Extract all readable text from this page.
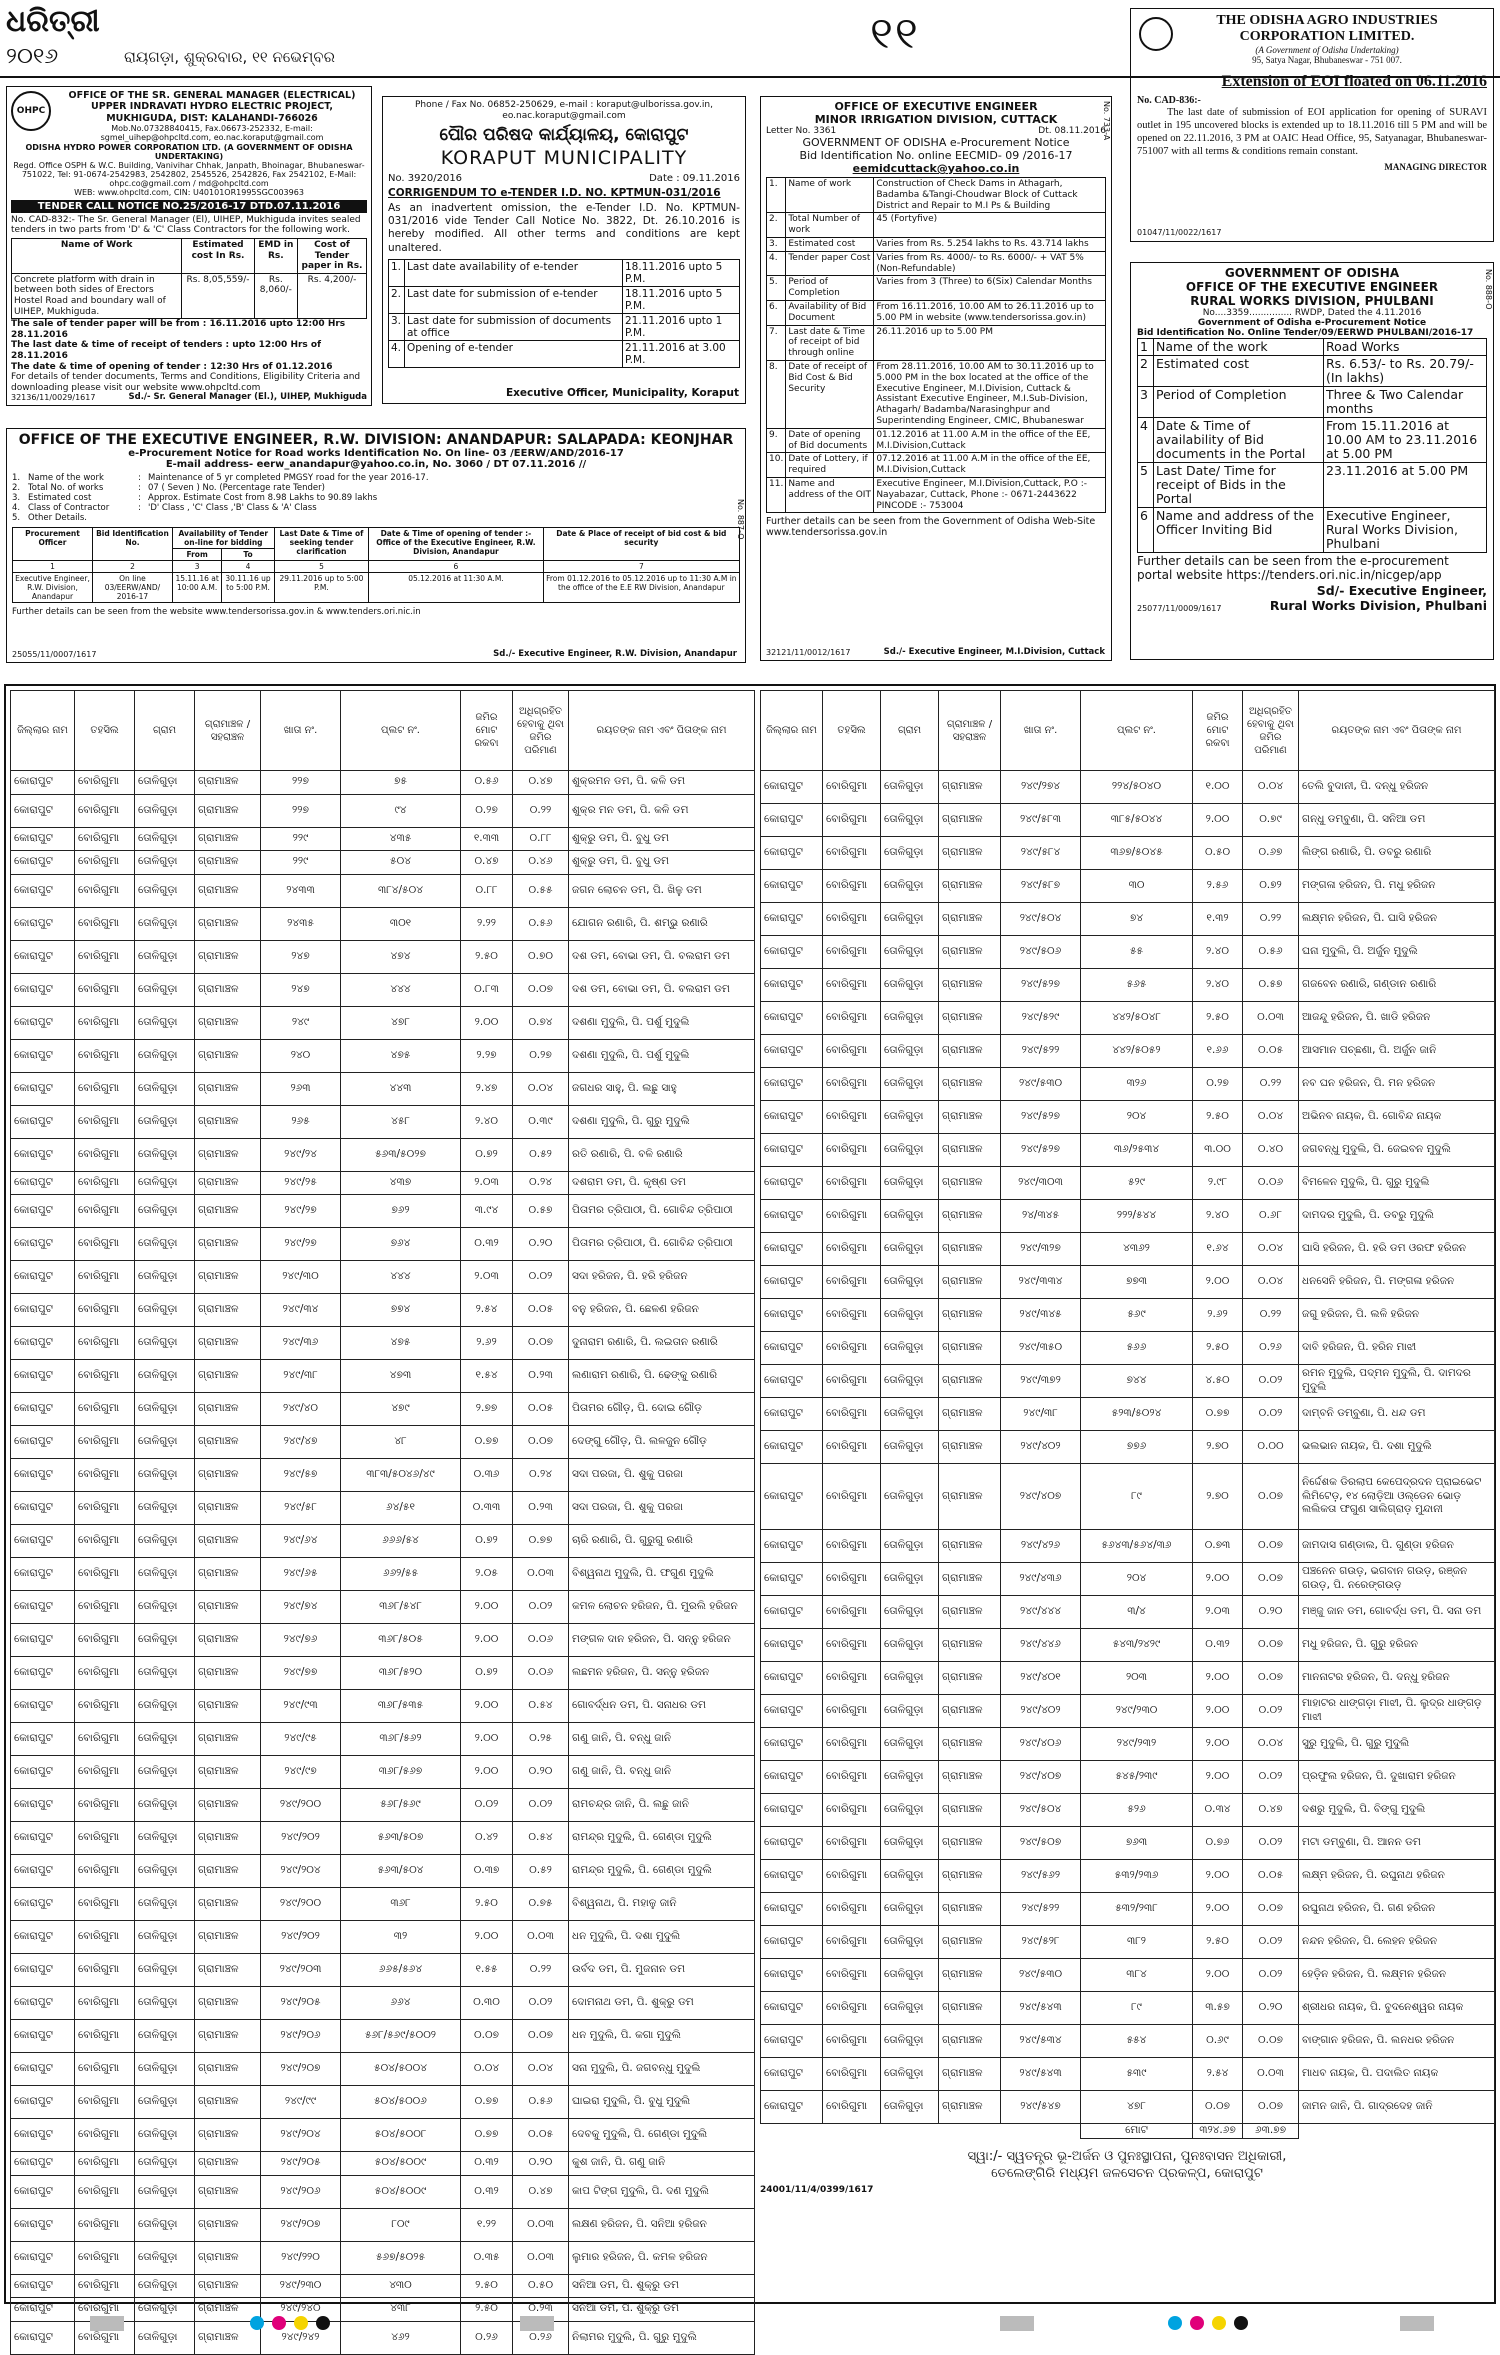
ଧରିତ୍ରୀ
୨୦୧୬	ରାୟଗଡ଼ା, ଶୁକ୍ରବାର, ୧୧ ନଭେମ୍ବର	୧୧
OHPC
OFFICE OF THE SR. GENERAL MANAGER (ELECTRICAL)
UPPER INDRAVATI HYDRO ELECTRIC PROJECT,
MUKHIGUDA, DIST: KALAHANDI-766026
Mob.No.07328840415, Fax.06673-252332, E-mail: sgmel_uihep@ohpcltd.com, eo.nac.koraput@gmail.com
ODISHA HYDRO POWER CORPORATION LTD. (A GOVERNMENT OF ODISHA UNDERTAKING)
Regd. Office OSPH & W.C. Building, Vanivihar Chhak, Janpath, Bhoinagar, Bhubaneswar-751022, Tel: 91-0674-2542983, 2542802, 2545526, 2542826, Fax 2542102, E-Mail: ohpc.co@gmail.com / md@ohpcltd.com
WEB: www.ohpcltd.com, CIN: U40101OR1995SGC003963
TENDER CALL NOTICE NO.25/2016-17 DTD.07.11.2016
No. CAD-832:- The Sr. General Manager (El), UIHEP, Mukhiguda invites sealed tenders in two parts from 'D' & 'C' Class Contractors for the following work.
Name of Work	Estimated cost In Rs.	EMD in Rs.	Cost of Tender paper in Rs.
Concrete platform with drain in between both sides of Erectors Hostel Road and boundary wall of UIHEP, Mukhiguda.	Rs. 8,05,559/-	Rs. 8,060/-	Rs. 4,200/-
The sale of tender paper will be from : 16.11.2016 upto 12:00 Hrs 28.11.2016
The last date & time of receipt of tenders : upto 12:00 Hrs of 28.11.2016
The date & time of opening of tender : 12:30 Hrs of 01.12.2016
For details of tender documents, Terms and Conditions, Eligibility Criteria and downloading please visit our website www.ohpcltd.com
32136/11/0029/1617	Sd./- Sr. General Manager (El.), UIHEP, Mukhiguda
Phone / Fax No. 06852-250629, e-mail : koraput@ulborissa.gov.in, eo.nac.koraput@gmail.com
ପୌର ପରିଷଦ କାର୍ଯ୍ୟାଳୟ, କୋରାପୁଟ
KORAPUT MUNICIPALITY
No. 3920/2016	Date : 09.11.2016
CORRIGENDUM TO e-TENDER I.D. NO. KPTMUN-031/2016
As an inadvertent omission, the e-Tender I.D. No. KPTMUN-031/2016 vide Tender Call Notice No. 3822, Dt. 26.10.2016 is hereby modified. All other terms and conditions are kept unaltered.
1.	Last date availability of e-tender	18.11.2016 upto 5 P.M.
2.	Last date for submission of e-tender	18.11.2016 upto 5 P.M.
3.	Last date for submission of documents at office	21.11.2016 upto 1 P.M.
4.	Opening of e-tender	21.11.2016 at 3.00 P.M.
Executive Officer, Municipality, Koraput
OFFICE OF THE EXECUTIVE ENGINEER, R.W. DIVISION: ANANDAPUR: SALAPADA: KEONJHAR
e-Procurement Notice for Road works Identification No. On line- 03 /EERW/AND/2016-17
E-mail address- eerw_anandapur@yahoo.co.in, No. 3060 / DT 07.11.2016 //
1.	Name of the work	:	Maintenance of 5 yr completed PMGSY road for the year 2016-17.
2.	Total No. of works	:	07 ( Seven ) No. (Percentage rate Tender)
3.	Estimated cost	:	Approx. Estimate Cost from 8.98 Lakhs to 90.89 lakhs
4.	Class of Contractor	:	'D' Class , 'C' Class ,'B' Class & 'A' Class
5.	Other Details.		
Procurement Officer	Bid Identification No.	Availability of Tender on-line for bidding		Last Date & Time of seeking tender clarification	Date & Time of opening of tender :- Office of the Executive Engineer, R.W. Division, Anandapur	Date & Place of receipt of bid cost & bid security
		From	To			
1	2	3	4	5	6	7
Executive Engineer, R.W. Division, Anandapur	On line 03/EERW/AND/ 2016-17	15.11.16 at 10:00 A.M.	30.11.16 up to 5:00 P.M.	29.11.2016 up to 5:00 P.M.	05.12.2016 at 11:30 A.M.	From 01.12.2016 to 05.12.2016 up to 11:30 A.M in the office of the E.E RW Division, Anandapur
Further details can be seen from the website www.tendersorissa.gov.in & www.tenders.ori.nic.in
25055/11/0007/1617	Sd./- Executive Engineer, R.W. Division, Anandapur
No. 887-O
OFFICE OF EXECUTIVE ENGINEER
MINOR IRRIGATION DIVISION, CUTTACK
Letter No. 3361	Dt. 08.11.2016
GOVERNMENT OF ODISHA e-Procurement Notice
Bid Identification No. online EECMID- 09 /2016-17
eemidcuttack@yahoo.co.in
1.	Name of work	Construction of Check Dams in Athagarh, Badamba &Tangi-Choudwar Block of Cuttack District and Repair to M.I Ps & Building
2.	Total Number of work	45 (Fortyfive)
3.	Estimated cost	Varies from Rs. 5.254 lakhs to Rs. 43.714 lakhs
4.	Tender paper Cost	Varies from Rs. 4000/- to Rs. 6000/- + VAT 5% (Non-Refundable)
5.	Period of Completion	Varies from 3 (Three) to 6(Six) Calendar Months
6.	Availability of Bid Document	From 16.11.2016, 10.00 AM to 26.11.2016 up to 5.00 PM in website (www.tendersorissa.gov.in)
7.	Last date & Time of receipt of bid through online	26.11.2016 up to 5.00 PM
8.	Date of receipt of Bid Cost & Bid Security	From 28.11.2016, 10.00 AM to 30.11.2016 up to 5.000 PM in the box located at the office of the Executive Engineer, M.I.Division, Cuttack & Assistant Executive Engineer, M.I.Sub-Division, Athagarh/ Badamba/Narasinghpur and Superintending Engineer, CMIC, Bhubaneswar
9.	Date of opening of Bid documents	01.12.2016 at 11.00 A.M in the office of the EE, M.I.Division,Cuttack
10.	Date of Lottery, if required	07.12.2016 at 11.00 A.M in the office of the EE, M.I.Division,Cuttack
11.	Name and address of the OIT	Executive Engineer, M.I.Division,Cuttack, P.O :- Nayabazar, Cuttack, Phone :- 0671-2443622 PINCODE :- 753004
Further details can be seen from the Government of Odisha Web-Site www.tendersorissa.gov.in
32121/11/0012/1617	Sd./- Executive Engineer, M.I.Division, Cuttack
No. 733-A
THE ODISHA AGRO INDUSTRIES
CORPORATION LIMITED.
(A Government of Odisha Undertaking)
95, Satya Nagar, Bhubaneswar - 751 007.
Extension of EOI floated on 06.11.2016
No. CAD-836:-
The last date of submission of EOI application for opening of SURAVI outlet in 195 uncovered blocks is extended up to 18.11.2016 till 5 PM and will be opened on 22.11.2016, 3 PM at OAIC Head Office, 95, Satyanagar, Bhubaneswar-751007 with all terms & conditions remain constant.
MANAGING DIRECTOR
01047/11/0022/1617
GOVERNMENT OF ODISHA
OFFICE OF THE EXECUTIVE ENGINEER
RURAL WORKS DIVISION, PHULBANI
No....3359............... RWDP, Dated the 4.11.2016
Government of Odisha e-Procurement Notice
Bid Identification No. Online Tender/09/EERWD PHULBANI/2016-17
1	Name of the work	Road Works
2	Estimated cost	Rs. 6.53/- to Rs. 20.79/-(In lakhs)
3	Period of Completion	Three & Two Calendar months
4	Date & Time of availability of Bid documents in the Portal	From 15.11.2016 at 10.00 AM to 23.11.2016 at 5.00 PM
5	Last Date/ Time for receipt of Bids in the Portal	23.11.2016 at 5.00 PM
6	Name and address of the Officer Inviting Bid	Executive Engineer, Rural Works Division, Phulbani
Further details can be seen from the e-procurement portal website https://tenders.ori.nic.in/nicgep/app
Sd/- Executive Engineer,
25077/11/0009/1617	Rural Works Division, Phulbani
No. 888-O
ଜିଲ୍ଲାର ନାମ	ତହସିଲ	ଗ୍ରାମ	ଗ୍ରାମାଞ୍ଚଳ / ସହରାଞ୍ଚଳ	ଖାତା ନଂ.	ପ୍ଲଟ ନଂ.	ଜମିର ମୋଟ ରକବା	ଅଧିଗ୍ରହିତ ହେବାକୁ ଥିବା ଜମିର ପରିମାଣ	ରୟତଙ୍କ ନାମ ଏବଂ ପିତାଙ୍କ ନାମ
କୋରାପୁଟ	ବୋରିଗୁମା	ତୋଳିଗୁଡ଼ା	ଗ୍ରାମାଞ୍ଚଳ	୨୨୭	୭୫	୦.୫୬	୦.୪୭	ଶୁକ୍ରମନ ଡମ, ପି. କଳି ଡମ
କୋରାପୁଟ	ବୋରିଗୁମା	ତୋଳିଗୁଡ଼ା	ଗ୍ରାମାଞ୍ଚଳ	୨୨୭	୯୪	୦.୨୭	୦.୨୨	ଶୁକ୍ର ମନ ଡମ, ପି. କଳି ଡମ
କୋରାପୁଟ	ବୋରିଗୁମା	ତୋଳିଗୁଡ଼ା	ଗ୍ରାମାଞ୍ଚଳ	୨୨୯	୪୩୫	୧.୩୩	୦.୮୮	ଶୁକ୍ରୁ ଡମ, ପି. ବୁଧୁ ଡମ
କୋରାପୁଟ	ବୋରିଗୁମା	ତୋଳିଗୁଡ଼ା	ଗ୍ରାମାଞ୍ଚଳ	୨୨୯	୫୦୪	୦.୪୭	୦.୪୬	ଶୁକ୍ରୁ ଡମ, ପି. ବୁଧୁ ଡମ
କୋରାପୁଟ	ବୋରିଗୁମା	ତୋଳିଗୁଡ଼ା	ଗ୍ରାମାଞ୍ଚଳ	୨୪୩୩	୩୮୪/୫୦୪	୦.୮୮	୦.୫୫	ଜଗନ ଲୋଚନ ଡମ, ପି. ଖିଳୁ ଡମ
କୋରାପୁଟ	ବୋରିଗୁମା	ତୋଳିଗୁଡ଼ା	ଗ୍ରାମାଞ୍ଚଳ	୨୪୩୫	୩୦୧	୨.୨୨	୦.୫୬	ଯୋଗନ ରଣାରି, ପି. ଶମ୍ଭୁ ରଣାରି
କୋରାପୁଟ	ବୋରିଗୁମା	ତୋଳିଗୁଡ଼ା	ଗ୍ରାମାଞ୍ଚଳ	୨୪୭	୪୭୪	୨.୫୦	୦.୭୦	ଦଶ ଡମ, ବୋଭା ଡମ, ପି. ବଲରାମ ଡମ
କୋରାପୁଟ	ବୋରିଗୁମା	ତୋଳିଗୁଡ଼ା	ଗ୍ରାମାଞ୍ଚଳ	୨୪୭	୪୪୪	୦.୮୩	୦.୦୭	ଦଶ ଡମ, ବୋଭା ଡମ, ପି. ବଲରାମ ଡମ
କୋରାପୁଟ	ବୋରିଗୁମା	ତୋଳିଗୁଡ଼ା	ଗ୍ରାମାଞ୍ଚଳ	୨୪୯	୪୭୮	୨.୦୦	୦.୭୪	ଦଶଣା ମୁଦୁଲି, ପି. ପର୍ଶୁ ମୁଦୁଲି
କୋରାପୁଟ	ବୋରିଗୁମା	ତୋଳିଗୁଡ଼ା	ଗ୍ରାମାଞ୍ଚଳ	୨୪୦	୪୭୫	୨.୨୭	୦.୨୭	ଦଶଣା ମୁଦୁଲି, ପି. ପର୍ଶୁ ମୁଦୁଲି
କୋରାପୁଟ	ବୋରିଗୁମା	ତୋଳିଗୁଡ଼ା	ଗ୍ରାମାଞ୍ଚଳ	୨୬୩	୪୪୩	୨.୪୭	୦.୦୪	ଜଗଧର ସାହୁ, ପି. ଲଛୁ ସାହୁ
କୋରାପୁଟ	ବୋରିଗୁମା	ତୋଳିଗୁଡ଼ା	ଗ୍ରାମାଞ୍ଚଳ	୨୬୫	୪୫୮	୨.୪୦	୦.୩୯	ଦଶଣା ମୁଦୁଲି, ପି. ଗୁରୁ ମୁଦୁଲି
କୋରାପୁଟ	ବୋରିଗୁମା	ତୋଳିଗୁଡ଼ା	ଗ୍ରାମାଞ୍ଚଳ	୨୪୯/୨୪	୫୬୩/୫୦୨୭	୦.୭୨	୦.୫୨	ରତି ରଣାରି, ପି. ବଳି ରଣାରି
କୋରାପୁଟ	ବୋରିଗୁମା	ତୋଳିଗୁଡ଼ା	ଗ୍ରାମାଞ୍ଚଳ	୨୪୯/୨୫	୪୩୭	୨.୦୩	୦.୨୪	ଦଶରାମ ଡମ, ପି. କୃଷ୍ଣ ଡମ
କୋରାପୁଟ	ବୋରିଗୁମା	ତୋଳିଗୁଡ଼ା	ଗ୍ରାମାଞ୍ଚଳ	୨୪୯/୨୭	୭୬୨	୩.୯୪	୦.୫୭	ପିତାମର ତ୍ରିପାଠୀ, ପି. ଗୋବିନ୍ଦ ତ୍ରିପାଠୀ
କୋରାପୁଟ	ବୋରିଗୁମା	ତୋଳିଗୁଡ଼ା	ଗ୍ରାମାଞ୍ଚଳ	୨୪୯/୨୭	୭୬୪	୦.୩୨	୦.୨୦	ପିତାମର ତ୍ରିପାଠୀ, ପି. ଗୋବିନ୍ଦ ତ୍ରିପାଠୀ
କୋରାପୁଟ	ବୋରିଗୁମା	ତୋଳିଗୁଡ଼ା	ଗ୍ରାମାଞ୍ଚଳ	୨୪୯/୩୦	୪୪୪	୨.୦୩	୦.୦୨	ସଦା ହରିଜନ, ପି. ହରି ହରିଜନ
କୋରାପୁଟ	ବୋରିଗୁମା	ତୋଳିଗୁଡ଼ା	ଗ୍ରାମାଞ୍ଚଳ	୨୪୯/୩୪	୭୭୪	୨.୫୪	୦.୦୫	ବନୁ ହରିଜନ, ପି. ଛେଳଣ ହରିଜନ
କୋରାପୁଟ	ବୋରିଗୁମା	ତୋଳିଗୁଡ଼ା	ଗ୍ରାମାଞ୍ଚଳ	୨୪୯/୩୬	୪୭୫	୨.୬୨	୦.୦୭	ଦୁନାରାମ ରଣାରି, ପି. ଲଇତାନ ରଣାରି
କୋରାପୁଟ	ବୋରିଗୁମା	ତୋଳିଗୁଡ଼ା	ଗ୍ରାମାଞ୍ଚଳ	୨୪୯/୩୮	୪୭୩	୧.୫୪	୦.୨୩	ଲଣାରାମ ରଣାରି, ପି. ଢେଙ୍କୁ ରଣାରି
କୋରାପୁଟ	ବୋରିଗୁମା	ତୋଳିଗୁଡ଼ା	ଗ୍ରାମାଞ୍ଚଳ	୨୪୯/୪୦	୪୭୯	୨.୭୭	୦.୦୫	ପିତାମର ଗୌଡ଼, ପି. ଦୋଇ ଗୌଡ଼
କୋରାପୁଟ	ବୋରିଗୁମା	ତୋଳିଗୁଡ଼ା	ଗ୍ରାମାଞ୍ଚଳ	୨୪୯/୪୭	୪୮	୦.୭୭	୦.୦୭	ଦେଙ୍ଗୁ ଗୌଡ଼, ପି. ଲଳଜୁନ ଗୌଡ଼
କୋରାପୁଟ	ବୋରିଗୁମା	ତୋଳିଗୁଡ଼ା	ଗ୍ରାମାଞ୍ଚଳ	୨୪୯/୫୭	୩୮୩/୫୦୪୬/୪୯	୦.୩୬	୦.୨୪	ସଦା ପରଜା, ପି. ଶୁକୁ ପରଜା
କୋରାପୁଟ	ବୋରିଗୁମା	ତୋଳିଗୁଡ଼ା	ଗ୍ରାମାଞ୍ଚଳ	୨୪୯/୫୮	୬୪/୫୧	୦.୩୩	୦.୨୩	ସଦା ପରଜା, ପି. ଶୁକୁ ପରଜା
କୋରାପୁଟ	ବୋରିଗୁମା	ତୋଳିଗୁଡ଼ା	ଗ୍ରାମାଞ୍ଚଳ	୨୪୯/୬୪	୬୬୬/୫୪	୦.୭୨	୦.୭୭	ଚାରି ରଣାରି, ପି. ଗୁରୁଗୁ ରଣାରି
କୋରାପୁଟ	ବୋରିଗୁମା	ତୋଳିଗୁଡ଼ା	ଗ୍ରାମାଞ୍ଚଳ	୨୪୯/୬୫	୬୬୨/୫୫	୨.୦୫	୦.୦୩	ବିଶ୍ୱନାଥ ମୁଦୁଲି, ପି. ଫଗୁଣ ମୁଦୁଲି
କୋରାପୁଟ	ବୋରିଗୁମା	ତୋଳିଗୁଡ଼ା	ଗ୍ରାମାଞ୍ଚଳ	୨୪୯/୭୪	୩୬୮/୫୪୮	୨.୦୦	୦.୦୨	କମଳ ଲୋଚନ ହରିଜନ, ପି. ମୁରଲି ହରିଜନ
କୋରାପୁଟ	ବୋରିଗୁମା	ତୋଳିଗୁଡ଼ା	ଗ୍ରାମାଞ୍ଚଳ	୨୪୯/୭୬	୩୬୮/୫୦୫	୨.୦୦	୦.୦୬	ମଙ୍ଗଳ ଦାନ ହରିଜନ, ପି. ସନ୍ନୁ ହରିଜନ
କୋରାପୁଟ	ବୋରିଗୁମା	ତୋଳିଗୁଡ଼ା	ଗ୍ରାମାଞ୍ଚଳ	୨୪୯/୭୭	୩୬୮/୫୨୦	୦.୭୨	୦.୦୬	ଲଛମନ ହରିଜନ, ପି. ସନ୍ନୁ ହରିଜନ
କୋରାପୁଟ	ବୋରିଗୁମା	ତୋଳିଗୁଡ଼ା	ଗ୍ରାମାଞ୍ଚଳ	୨୪୯/୯୩	୩୬୮/୫୩୫	୨.୦୦	୦.୫୪	ଗୋବର୍ଦ୍ଧନ ଡମ, ପି. ସନାଧର ଡମ
କୋରାପୁଟ	ବୋରିଗୁମା	ତୋଳିଗୁଡ଼ା	ଗ୍ରାମାଞ୍ଚଳ	୨୪୯/୯୫	୩୬୮/୫୬୨	୨.୦୦	୦.୨୫	ଗଣୁ ଜାନି, ପି. ବନ୍ଧୁ ଜାନି
କୋରାପୁଟ	ବୋରିଗୁମା	ତୋଳିଗୁଡ଼ା	ଗ୍ରାମାଞ୍ଚଳ	୨୪୯/୯୭	୩୬୮/୫୬୭	୨.୦୦	୦.୨୦	ଗଣୁ ଜାନି, ପି. ବନ୍ଧୁ ଜାନି
କୋରାପୁଟ	ବୋରିଗୁମା	ତୋଳିଗୁଡ଼ା	ଗ୍ରାମାଞ୍ଚଳ	୨୪୯/୨୦୦	୫୬୮/୫୬୯	୦.୦୨	୦.୦୨	ରାମଚନ୍ଦ୍ର ଜାନି, ପି. ଲଛୁ ଜାନି
କୋରାପୁଟ	ବୋରିଗୁମା	ତୋଳିଗୁଡ଼ା	ଗ୍ରାମାଞ୍ଚଳ	୨୪୯/୨୦୨	୫୬୩/୫୦୭	୦.୪୨	୦.୫୪	ରାମନ୍ଦ୍ର ମୁଦୁଲି, ପି. ଗେଣ୍ଡା ମୁଦୁଲି
କୋରାପୁଟ	ବୋରିଗୁମା	ତୋଳିଗୁଡ଼ା	ଗ୍ରାମାଞ୍ଚଳ	୨୪୯/୨୦୪	୫୬୩/୫୦୪	୦.୩୭	୦.୫୨	ରାମନ୍ଦ୍ର ମୁଦୁଲି, ପି. ଗେଣ୍ଡା ମୁଦୁଲି
କୋରାପୁଟ	ବୋରିଗୁମା	ତୋଳିଗୁଡ଼ା	ଗ୍ରାମାଞ୍ଚଳ	୨୪୯/୨୦୦	୩୬୮	୨.୫୦	୦.୭୫	ବିଶ୍ୱନାଥ, ପି. ମହାଳୁ ଜାନି
କୋରାପୁଟ	ବୋରିଗୁମା	ତୋଳିଗୁଡ଼ା	ଗ୍ରାମାଞ୍ଚଳ	୨୪୯/୨୦୨	୩୨	୨.୦୦	୦.୦୩	ଧନ ମୁଦୁଲି, ପି. ଦଶା ମୁଦୁଲି
କୋରାପୁଟ	ବୋରିଗୁମା	ତୋଳିଗୁଡ଼ା	ଗ୍ରାମାଞ୍ଚଳ	୨୪୯/୨୦୩	୬୬୫/୫୬୪	୧.୫୫	୦.୨୨	ଉର୍ବଦ ଡମ, ପି. ମୁଜନାନ ଡମ
କୋରାପୁଟ	ବୋରିଗୁମା	ତୋଳିଗୁଡ଼ା	ଗ୍ରାମାଞ୍ଚଳ	୨୪୯/୨୦୫	୬୬୪	୦.୩୦	୦.୦୨	ଦୋମନାଥ ଡମ, ପି. ଶୁକ୍ରୁ ଡମ
କୋରାପୁଟ	ବୋରିଗୁମା	ତୋଳିଗୁଡ଼ା	ଗ୍ରାମାଞ୍ଚଳ	୨୪୯/୨୦୬	୫୬୮/୫୬୯/୫୦୦୨	୦.୦୭	୦.୦୭	ଧନ ମୁଦୁଲି, ପି. କଗା ମୁଦୁଲି
କୋରାପୁଟ	ବୋରିଗୁମା	ତୋଳିଗୁଡ଼ା	ଗ୍ରାମାଞ୍ଚଳ	୨୪୯/୨୦୭	୫୦୪/୫୦୦୪	୦.୦୪	୦.୦୪	ସନା ମୁଦୁଲି, ପି. ଜଗବନ୍ଧୁ ମୁଦୁଲି
କୋରାପୁଟ	ବୋରିଗୁମା	ତୋଳିଗୁଡ଼ା	ଗ୍ରାମାଞ୍ଚଳ	୨୪୯/୯୯	୫୦୪/୫୦୦୬	୦.୭୭	୦.୫୬	ଘାଇରା ମୁଦୁଲି, ପି. ବୁଧୁ ମୁଦୁଲି
କୋରାପୁଟ	ବୋରିଗୁମା	ତୋଳିଗୁଡ଼ା	ଗ୍ରାମାଞ୍ଚଳ	୨୪୯/୨୦୪	୫୦୪/୫୦୦୮	୦.୭୭	୦.୦୫	ଦେବକୁ ମୁଦୁଲି, ପି. ଗେଣ୍ଡା ମୁଦୁଲି
କୋରାପୁଟ	ବୋରିଗୁମା	ତୋଳିଗୁଡ଼ା	ଗ୍ରାମାଞ୍ଚଳ	୨୪୯/୨୦୫	୫୦୪/୫୦୦୯	୦.୩୨	୦.୨୦	କୁଶ ଜାନି, ପି. ଗଣୁ ଜାନି
କୋରାପୁଟ	ବୋରିଗୁମା	ତୋଳିଗୁଡ଼ା	ଗ୍ରାମାଞ୍ଚଳ	୨୪୯/୨୦୬	୫୦୪/୫୦୦୯	୦.୩୨	୦.୪୭	କାପ ଟିଙ୍ଗ ମୁଦୁଲି, ପି. ଦଣ ମୁଦୁଲି
କୋରାପୁଟ	ବୋରିଗୁମା	ତୋଳିଗୁଡ଼ା	ଗ୍ରାମାଞ୍ଚଳ	୨୪୯/୨୦୭	୮୦୯	୧.୨୨	୦.୦୩	ଲକ୍ଷଣ ହରିଜନ, ପି. ସନିଆ ହରିଜନ
କୋରାପୁଟ	ବୋରିଗୁମା	ତୋଳିଗୁଡ଼ା	ଗ୍ରାମାଞ୍ଚଳ	୨୪୯/୨୨୦	୫୬୭/୫୦୨୫	୦.୩୫	୦.୦୩	ଲୁମାର ହରିଜନ, ପି. କମଳ ହରିଜନ
କୋରାପୁଟ	ବୋରିଗୁମା	ତୋଳିଗୁଡ଼ା	ଗ୍ରାମାଞ୍ଚଳ	୨୪୯/୨୩୦	୪୩୦	୨.୫୦	୦.୫୦	ସନିଆ ଡମ, ପି. ଶୁକ୍ରୁ ଡମ
କୋରାପୁଟ	ବୋରିଗୁମା	ତୋଳିଗୁଡ଼ା	ଗ୍ରାମାଞ୍ଚଳ	୨୪୯/୨୪୦	୪୩୮	୨.୫୦	୦.୨୩	ସନିଆ ଡମ, ପି. ଶୁକ୍ରୁ ଡମ
କୋରାପୁଟ	ବୋରିଗୁମା	ତୋଳିଗୁଡ଼ା	ଗ୍ରାମାଞ୍ଚଳ	୨୪୯/୨୪୨	୪୬୨	୦.୨୬	୦.୨୬	ନିଲାମର ମୁଦୁଲି, ପି. ଗୁରୁ ମୁଦୁଲି
ଜିଲ୍ଲାର ନାମ	ତହସିଲ	ଗ୍ରାମ	ଗ୍ରାମାଞ୍ଚଳ / ସହରାଞ୍ଚଳ	ଖାତା ନଂ.	ପ୍ଲଟ ନଂ.	ଜମିର ମୋଟ ରକବା	ଅଧିଗ୍ରହିତ ହେବାକୁ ଥିବା ଜମିର ପରିମାଣ	ରୟତଙ୍କ ନାମ ଏବଂ ପିତାଙ୍କ ନାମ
କୋରାପୁଟ	ବୋରିଗୁମା	ତୋଳିଗୁଡ଼ା	ଗ୍ରାମାଞ୍ଚଳ	୨୪୯/୨୭୪	୨୨୪/୫୦୪୦	୧.୦୦	୦.୦୪	ତେଲି ବୁଦାନୀ, ପି. ଦନ୍ଧୁ ହରିଜନ
କୋରାପୁଟ	ବୋରିଗୁମା	ତୋଳିଗୁଡ଼ା	ଗ୍ରାମାଞ୍ଚଳ	୨୪୯/୫୮୩	୩୮୫/୫୦୪୪	୨.୦୦	୦.୭୯	ଗନ୍ଧୁ ଡମ୍ବୁଣା, ପି. ସନିଆ ଡମ
କୋରାପୁଟ	ବୋରିଗୁମା	ତୋଳିଗୁଡ଼ା	ଗ୍ରାମାଞ୍ଚଳ	୨୪୯/୫୮୪	୩୬୭/୫୦୪୫	୦.୫୦	୦.୬୭	ଲିଙ୍ଗ ରଣାରି, ପି. ଡବରୁ ରଣାରି
କୋରାପୁଟ	ବୋରିଗୁମା	ତୋଳିଗୁଡ଼ା	ଗ୍ରାମାଞ୍ଚଳ	୨୪୯/୫୮୭	୩୦	୨.୫୬	୦.୭୨	ମଙ୍ଗଳା ହରିଜନ, ପି. ମଧୁ ହରିଜନ
କୋରାପୁଟ	ବୋରିଗୁମା	ତୋଳିଗୁଡ଼ା	ଗ୍ରାମାଞ୍ଚଳ	୨୪୯/୫୦୪	୭୪	୧.୩୨	୦.୨୨	ଲକ୍ଷ୍ମନ ହରିଜନ, ପି. ଘାସି ହରିଜନ
କୋରାପୁଟ	ବୋରିଗୁମା	ତୋଳିଗୁଡ଼ା	ଗ୍ରାମାଞ୍ଚଳ	୨୪୯/୫୦୬	୫୫	୨.୪୦	୦.୫୬	ଘନା ମୁଦୁଲି, ପି. ଅର୍ଜୁନ ମୁଦୁଲି
କୋରାପୁଟ	ବୋରିଗୁମା	ତୋଳିଗୁଡ଼ା	ଗ୍ରାମାଞ୍ଚଳ	୨୪୯/୫୨୭	୫୬୫	୨.୪୦	୦.୫୭	ଗଜବେନ ରଣାରି, ଗଣ୍ଡାନ ରଣାରି
କୋରାପୁଟ	ବୋରିଗୁମା	ତୋଳିଗୁଡ଼ା	ଗ୍ରାମାଞ୍ଚଳ	୨୪୯/୫୨୯	୪୪୨/୫୦୪୮	୨.୫୦	୦.୦୩	ଆଜନ୍ଦୁ ହରିଜନ, ପି. ଖାଡି ହରିଜନ
କୋରାପୁଟ	ବୋରିଗୁମା	ତୋଳିଗୁଡ଼ା	ଗ୍ରାମାଞ୍ଚଳ	୨୪୯/୫୨୨	୪୪୨/୫୦୫୨	୧.୬୬	୦.୦୫	ଆସମାନ ପଚ୍ଛଣା, ପି. ଅର୍ଜୁନ ଜାନି
କୋରାପୁଟ	ବୋରିଗୁମା	ତୋଳିଗୁଡ଼ା	ଗ୍ରାମାଞ୍ଚଳ	୨୪୯/୫୩୦	୩୨୬	୦.୨୭	୦.୨୨	ନବ ଘନ ହରିଜନ, ପି. ମନ ହରିଜନ
କୋରାପୁଟ	ବୋରିଗୁମା	ତୋଳିଗୁଡ଼ା	ଗ୍ରାମାଞ୍ଚଳ	୨୪୯/୫୨୭	୨୦୪	୨.୫୦	୦.୦୪	ଅଭିନବ ନାୟକ, ପି. ଗୋବିନ୍ଦ ନାୟକ
କୋରାପୁଟ	ବୋରିଗୁମା	ତୋଳିଗୁଡ଼ା	ଗ୍ରାମାଞ୍ଚଳ	୨୪୯/୫୨୭	୩୬/୨୫୩୪	୩.୦୦	୦.୪୦	ଜଗବନ୍ଧୁ ମୁଦୁଲି, ପି. ଜେଇବନ ମୁଦୁଲି
କୋରାପୁଟ	ବୋରିଗୁମା	ତୋଳିଗୁଡ଼ା	ଗ୍ରାମାଞ୍ଚଳ	୨୪୯/୩୦୩	୫୨୯	୨.୯୮	୦.୦୬	ବିମଳେନ ମୁଦୁଲି, ପି. ଗୁରୁ ମୁଦୁଲି
କୋରାପୁଟ	ବୋରିଗୁମା	ତୋଳିଗୁଡ଼ା	ଗ୍ରାମାଞ୍ଚଳ	୨୪/୩୪୫	୨୨୨/୫୪୪	୨.୪୦	୦.୬୮	ଦାମଦର ମୁଦୁଲି, ପି. ଡବରୁ ମୁଦୁଲି
କୋରାପୁଟ	ବୋରିଗୁମା	ତୋଳିଗୁଡ଼ା	ଗ୍ରାମାଞ୍ଚଳ	୨୪୯/୩୨୭	୪୩୬୨	୧.୬୪	୦.୦୪	ଘାସି ହରିଜନ, ପି. ହରି ଡମ ଓରଫ ହରିଜନ
କୋରାପୁଟ	ବୋରିଗୁମା	ତୋଳିଗୁଡ଼ା	ଗ୍ରାମାଞ୍ଚଳ	୨୪୯/୩୩୪	୭୭୩	୨.୦୦	୦.୦୪	ଧନସେନି ହରିଜନ, ପି. ମଙ୍ଗଳା ହରିଜନ
କୋରାପୁଟ	ବୋରିଗୁମା	ତୋଳିଗୁଡ଼ା	ଗ୍ରାମାଞ୍ଚଳ	୨୪୯/୩୪୫	୫୬୯	୨.୬୨	୦.୨୨	ଜଗୁ ହରିଜନ, ପି. ଲଳି ହରିଜନ
କୋରାପୁଟ	ବୋରିଗୁମା	ତୋଳିଗୁଡ଼ା	ଗ୍ରାମାଞ୍ଚଳ	୨୪୯/୩୫୦	୫୬୬	୨.୫୦	୦.୨୬	ଦାବି ହରିଜନ, ପି. ହରିନ ମାଝୀ
କୋରାପୁଟ	ବୋରିଗୁମା	ତୋଳିଗୁଡ଼ା	ଗ୍ରାମାଞ୍ଚଳ	୨୪୯/୩୭୨	୭୪୪	୪.୫୦	୦.୦୨	ରମନ ମୁଦୁଲି, ପଦ୍ମନ ମୁଦୁଲି, ପି. ଦାମଦର ମୁଦୁଲି
କୋରାପୁଟ	ବୋରିଗୁମା	ତୋଳିଗୁଡ଼ା	ଗ୍ରାମାଞ୍ଚଳ	୨୪୯/୩୮	୫୨୩/୫୦୨୪	୦.୭୭	୦.୦୨	ଦାମ୍ବନି ଡମ୍ବୁଣା, ପି. ଧନ୍ଦ ଡମ
କୋରାପୁଟ	ବୋରିଗୁମା	ତୋଳିଗୁଡ଼ା	ଗ୍ରାମାଞ୍ଚଳ	୨୪୯/୪୦୨	୭୭୬	୨.୭୦	୦.୦୦	ଭଲଭାନ ନାୟକ, ପି. ଦଶା ମୁଦୁଲି
କୋରାପୁଟ	ବୋରିଗୁମା	ତୋଳିଗୁଡ଼ା	ଗ୍ରାମାଞ୍ଚଳ	୨୪୯/୪୦୭	୮୯	୨.୭୦	୦.୦୭	ନିର୍ଦ୍ଦେଶକ ଡିରଲାପ କେପେଦ୍ରଦନ ପ୍ରାଇଭେଟ ଲିମିଟେଡ଼, ୧୪ ଲୋଡ଼ିଆ ଓଲ୍ଡେନ ଭୋଡ଼ ଲଲିକତା ଫଗୁଣ ସାଲିଗ୍ରାଡ଼ ମୁନ୍ଦାନୀ
କୋରାପୁଟ	ବୋରିଗୁମା	ତୋଳିଗୁଡ଼ା	ଗ୍ରାମାଞ୍ଚଳ	୨୪୯/୪୨୬	୫୬୪୩/୫୬୪/୩୬	୦.୭୩	୦.୦୭	ଜାମଦାସ ଗଣ୍ଡାଲ, ପି. ଗୁଣ୍ଡା ହରିଜନ
କୋରାପୁଟ	ବୋରିଗୁମା	ତୋଳିଗୁଡ଼ା	ଗ୍ରାମାଞ୍ଚଳ	୨୪୯/୪୩୬	୨୦୪	୨.୦୦	୦.୦୭	ପଞ୍ଚନେନ ଗଉଡ଼, ଭଗବାନ ଗଉଡ଼, ରଞ୍ଜନ ଗଉଡ଼, ପି. ନରେଙ୍ଗଉଡ଼
କୋରାପୁଟ	ବୋରିଗୁମା	ତୋଳିଗୁଡ଼ା	ଗ୍ରାମାଞ୍ଚଳ	୨୪୯/୪୪୪	୩/୪	୨.୦୩	୦.୨୦	ମଞ୍ଜୁ ଜାନ ଡମ, ଗୋବର୍ଦ୍ଧ ଡମ, ପି. ସନା ଡମ
କୋରାପୁଟ	ବୋରିଗୁମା	ତୋଳିଗୁଡ଼ା	ଗ୍ରାମାଞ୍ଚଳ	୨୪୯/୪୪୬	୫୪୩/୨୪୨୯	୦.୩୨	୦.୦୭	ମଧୁ ହରିଜନ, ପି. ଗୁରୁ ହରିଜନ
କୋରାପୁଟ	ବୋରିଗୁମା	ତୋଳିଗୁଡ଼ା	ଗ୍ରାମାଞ୍ଚଳ	୨୪୯/୪୦୧	୨୦୩	୨.୦୦	୦.୦୭	ମାନନାଟର ହରିଜନ, ପି. ଦନ୍ଧୁ ହରିଜନ
କୋରାପୁଟ	ବୋରିଗୁମା	ତୋଳିଗୁଡ଼ା	ଗ୍ରାମାଞ୍ଚଳ	୨୪୯/୪୦୨	୨୪୯/୨୩୦	୨.୦୦	୦.୦୨	ମାହାଟର ଧାଙ୍ଗଡ଼ା ମାଝୀ, ପି. ଲୁଦ୍ର ଧାଙ୍ଗଡ଼ ମାଝୀ
କୋରାପୁଟ	ବୋରିଗୁମା	ତୋଳିଗୁଡ଼ା	ଗ୍ରାମାଞ୍ଚଳ	୨୪୯/୪୦୬	୨୪୯/୨୩୨	୨.୦୦	୦.୦୪	ସୁରୁ ମୁଦୁଲି, ପି. ଗୁରୁ ମୁଦୁଲି
କୋରାପୁଟ	ବୋରିଗୁମା	ତୋଳିଗୁଡ଼ା	ଗ୍ରାମାଞ୍ଚଳ	୨୪୯/୪୦୭	୫୪୫/୨୩୯	୨.୦୦	୦.୦୨	ପ୍ରଫୁଲ ହରିଜନ, ପି. ଦୁଖାରାମ ହରିଜନ
କୋରାପୁଟ	ବୋରିଗୁମା	ତୋଳିଗୁଡ଼ା	ଗ୍ରାମାଞ୍ଚଳ	୨୪୯/୫୦୪	୫୨୬	୦.୩୪	୦.୪୭	ଦଶରୁ ମୁଦୁଲି, ପି. ବିଙ୍ଗୁ ମୁଦୁଲି
କୋରାପୁଟ	ବୋରିଗୁମା	ତୋଳିଗୁଡ଼ା	ଗ୍ରାମାଞ୍ଚଳ	୨୪୯/୫୦୭	୭୬୩	୦.୭୬	୦.୦୨	ମଟା ଡମ୍ବୁଣା, ପି. ଆନନ ଡମ
କୋରାପୁଟ	ବୋରିଗୁମା	ତୋଳିଗୁଡ଼ା	ଗ୍ରାମାଞ୍ଚଳ	୨୪୯/୫୬୨	୫୩୨/୨୩୬	୨.୦୦	୦.୦୫	ଲକ୍ଷ୍ମ ହରିଜନ, ପି. ରଘୁନାଥ ହରିଜନ
କୋରାପୁଟ	ବୋରିଗୁମା	ତୋଳିଗୁଡ଼ା	ଗ୍ରାମାଞ୍ଚଳ	୨୪୯/୫୨୨	୫୩୨/୨୩୮	୨.୦୦	୦.୦୭	ରଘୁନାଥ ହରିଜନ, ପି. ଗଣ ହରିଜନ
କୋରାପୁଟ	ବୋରିଗୁମା	ତୋଳିଗୁଡ଼ା	ଗ୍ରାମାଞ୍ଚଳ	୨୪୯/୫୨୮	୩୮୨	୨.୫୦	୦.୦୨	ନନ୍ଦନ ହରିଜନ, ପି. ଲେହନ ହରିଜନ
କୋରାପୁଟ	ବୋରିଗୁମା	ତୋଳିଗୁଡ଼ା	ଗ୍ରାମାଞ୍ଚଳ	୨୪୯/୫୩୦	୩୮୪	୨.୦୦	୦.୦୨	ହେଡ଼ିନ ହରିଜନ, ପି. ଲକ୍ଷ୍ମନ ହରିଜନ
କୋରାପୁଟ	ବୋରିଗୁମା	ତୋଳିଗୁଡ଼ା	ଗ୍ରାମାଞ୍ଚଳ	୨୪୯/୫୪୩	୮୯	୩.୫୭	୦.୨୦	ଶ୍ରୀଧର ନାୟକ, ପି. ବୁଦନେଶ୍ୱର ନାୟକ
କୋରାପୁଟ	ବୋରିଗୁମା	ତୋଳିଗୁଡ଼ା	ଗ୍ରାମାଞ୍ଚଳ	୨୪୯/୫୩୪	୫୫୪	୦.୬୯	୦.୦୭	ବାଙ୍ଗାନ ହରିଜନ, ପି. ଲନଧର ହରିଜନ
କୋରାପୁଟ	ବୋରିଗୁମା	ତୋଳିଗୁଡ଼ା	ଗ୍ରାମାଞ୍ଚଳ	୨୪୯/୫୪୩	୫୩୯	୨.୫୪	୦.୦୩	ମାଧବ ନାୟକ, ପି. ପଦାଲିତ ନାୟକ
କୋରାପୁଟ	ବୋରିଗୁମା	ତୋଳିଗୁଡ଼ା	ଗ୍ରାମାଞ୍ଚଳ	୨୪୯/୫୪୭	୪୭୮	୦.୦୭	୦.୦୭	ଜାମନ ଜାନି, ପି. ଗାଦ୍ରଦେହ ଜାନି
					ମୋଟ	୩୨୪.୬୭	୬୩.୭୭	
ସ୍ୱା:/- ସ୍ୱତନ୍ତ୍ର ଭୂ-ଅର୍ଜନ ଓ ପୁନଃସ୍ଥାପନା, ପୁନଃବାସନ ଅଧିକାରୀ,
ତେଲେଙ୍ଗିରି ମଧ୍ୟମ ଜଳସେଚନ ପ୍ରକଳ୍ପ, କୋରାପୁଟ
24001/11/4/0399/1617
